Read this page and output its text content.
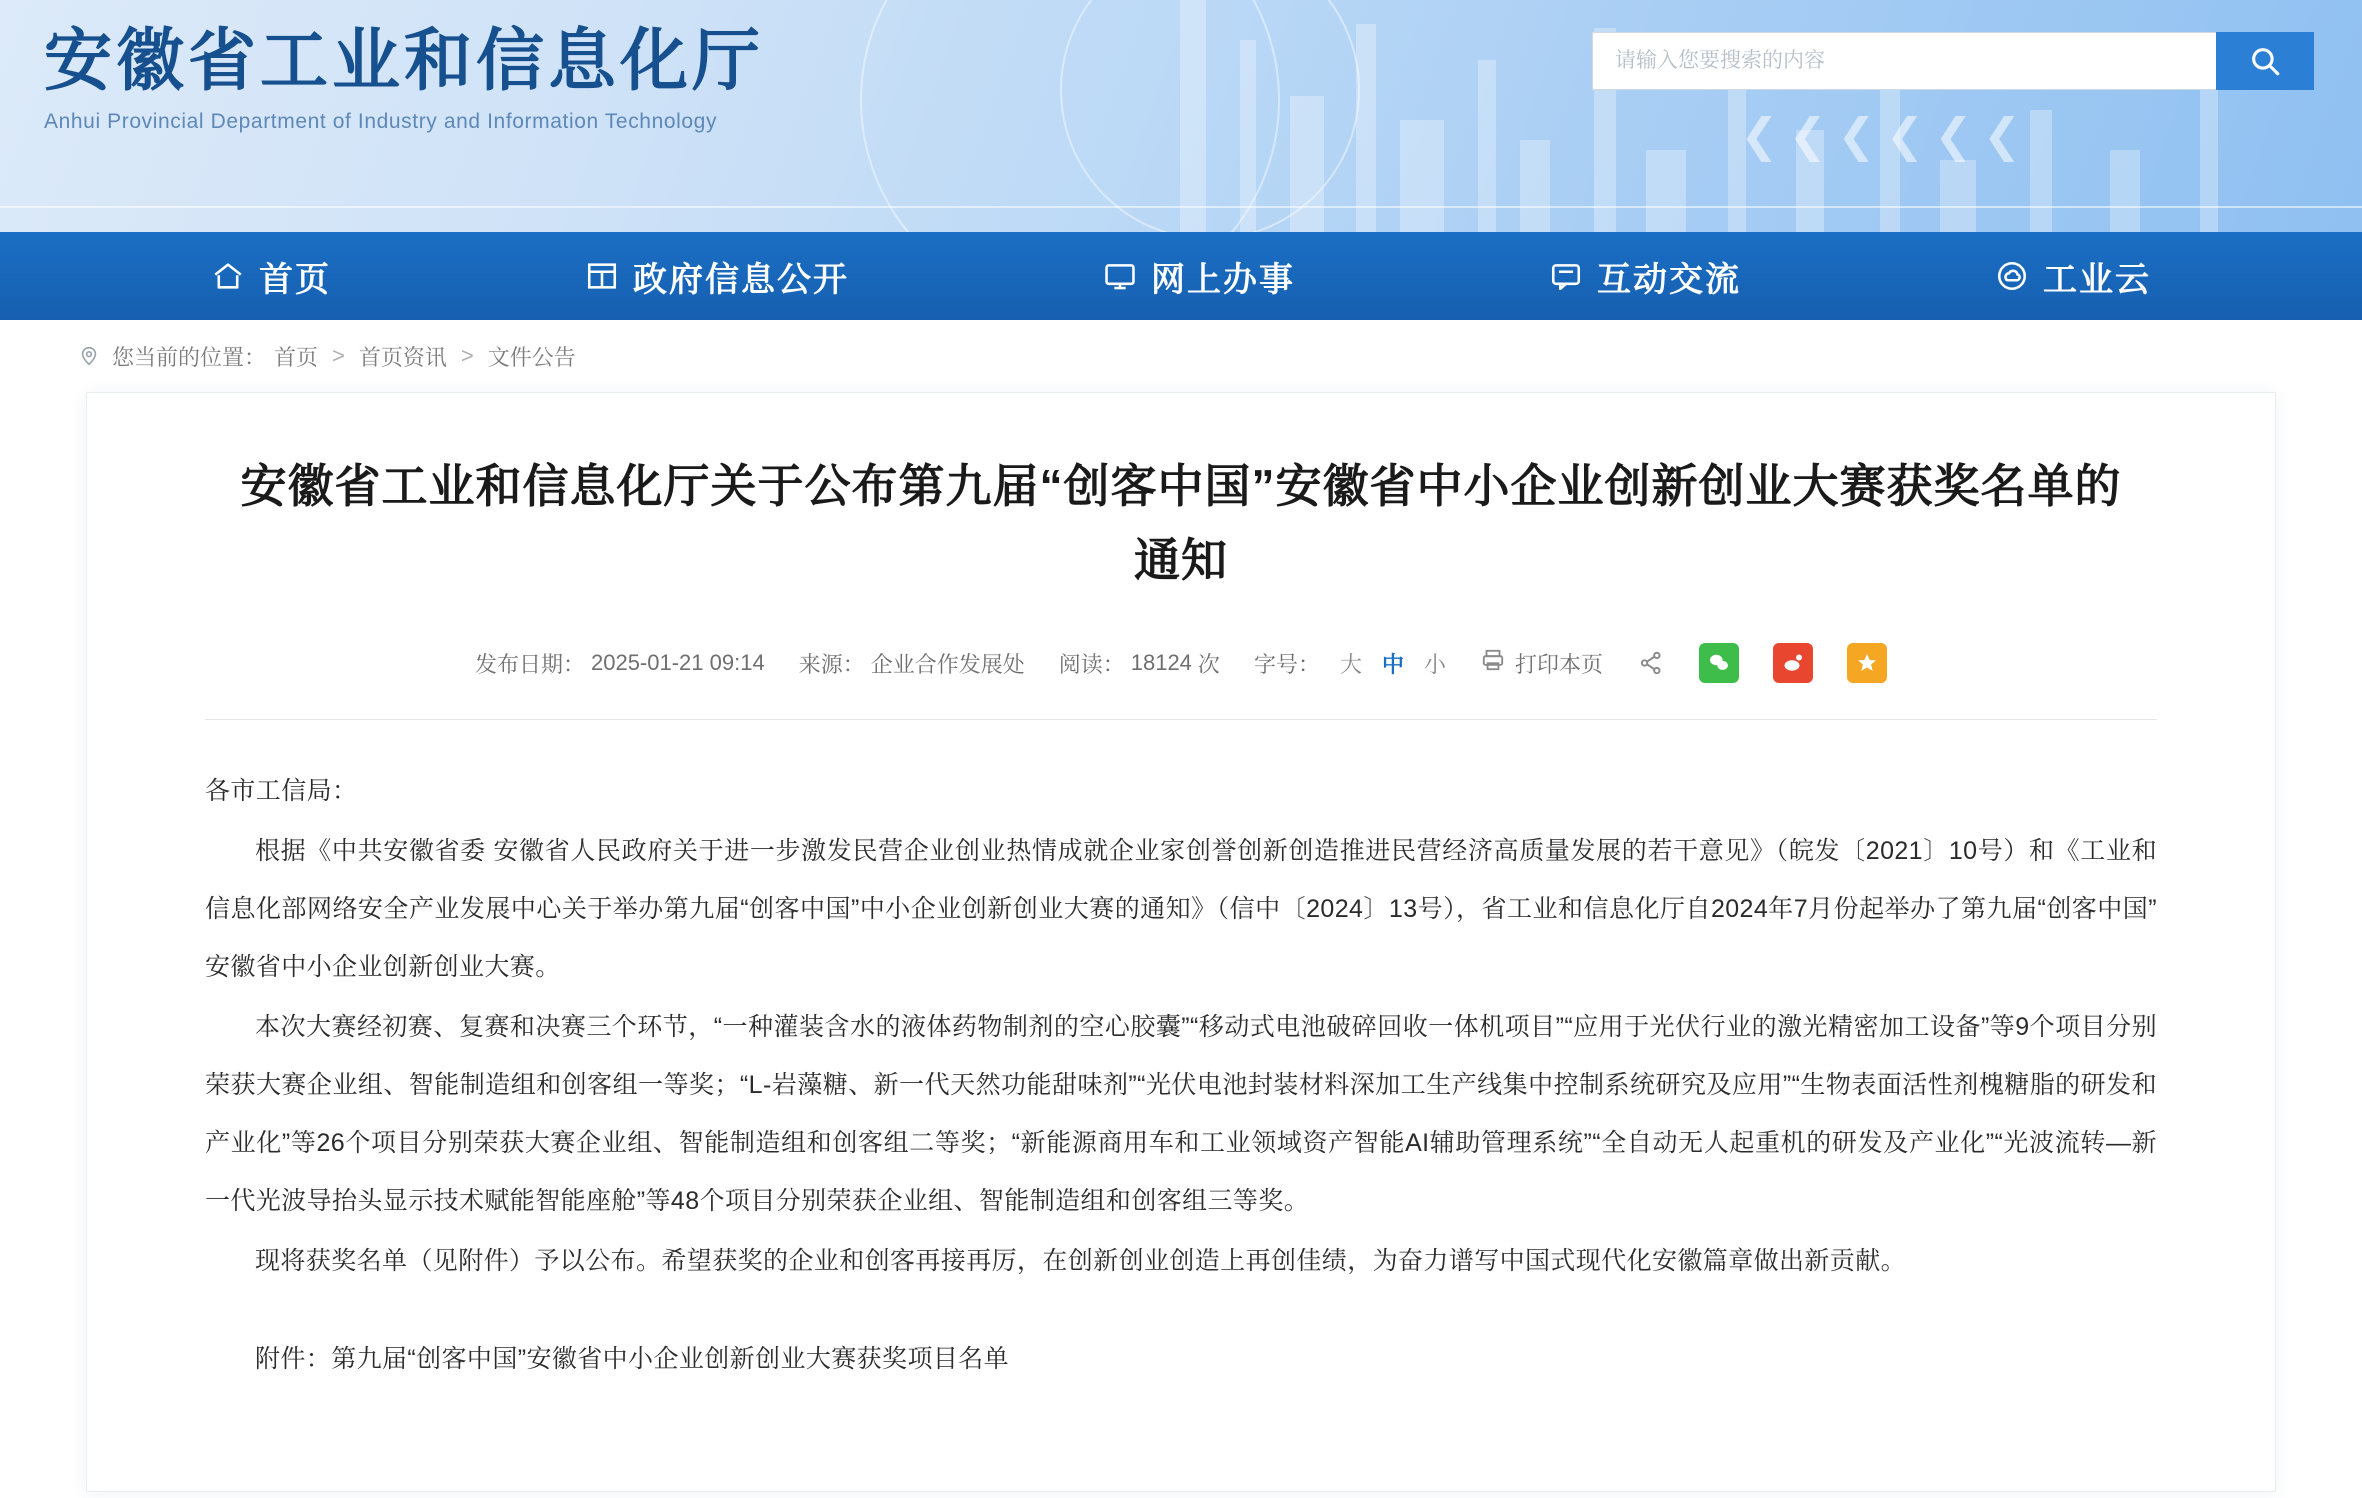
❮❮❮❮❮❮
安徽省工业和信息化厅
Anhui Provincial Department of Industry and Information Technology
请输入您要搜索的内容
首页	政府信息公开	网上办事	互动交流	工业云
您当前的位置： 首页 > 首页资讯 > 文件公告
安徽省工业和信息化厅关于公布第九届“创客中国”安徽省中小企业创新创业大赛获奖名单的通知
发布日期： 2025-01-21 09:14 来源： 企业合作发展处 阅读： 18124 次 字号： 大 中 小	打印本页

各市工信局：

根据《中共安徽省委 安徽省人民政府关于进一步激发民营企业创业热情成就企业家创誉创新创造推进民营经济高质量发展的若干意见》（皖发〔2021〕10号）和《工业和信息化部网络安全产业发展中心关于举办第九届“创客中国”中小企业创新创业大赛的通知》（信中〔2024〕13号），省工业和信息化厅自2024年7月份起举办了第九届“创客中国”安徽省中小企业创新创业大赛。

本次大赛经初赛、复赛和决赛三个环节，“一种灌装含水的液体药物制剂的空心胶囊”“移动式电池破碎回收一体机项目”“应用于光伏行业的激光精密加工设备”等9个项目分别荣获大赛企业组、智能制造组和创客组一等奖；“L-岩藻糖、新一代天然功能甜味剂”“光伏电池封装材料深加工生产线集中控制系统研究及应用”“生物表面活性剂槐糖脂的研发和产业化”等26个项目分别荣获大赛企业组、智能制造组和创客组二等奖；“新能源商用车和工业领域资产智能AI辅助管理系统”“全自动无人起重机的研发及产业化”“光波流转—新一代光波导抬头显示技术赋能智能座舱”等48个项目分别荣获企业组、智能制造组和创客组三等奖。

现将获奖名单（见附件）予以公布。希望获奖的企业和创客再接再厉，在创新创业创造上再创佳绩，为奋力谱写中国式现代化安徽篇章做出新贡献。

附件：第九届“创客中国”安徽省中小企业创新创业大赛获奖项目名单
